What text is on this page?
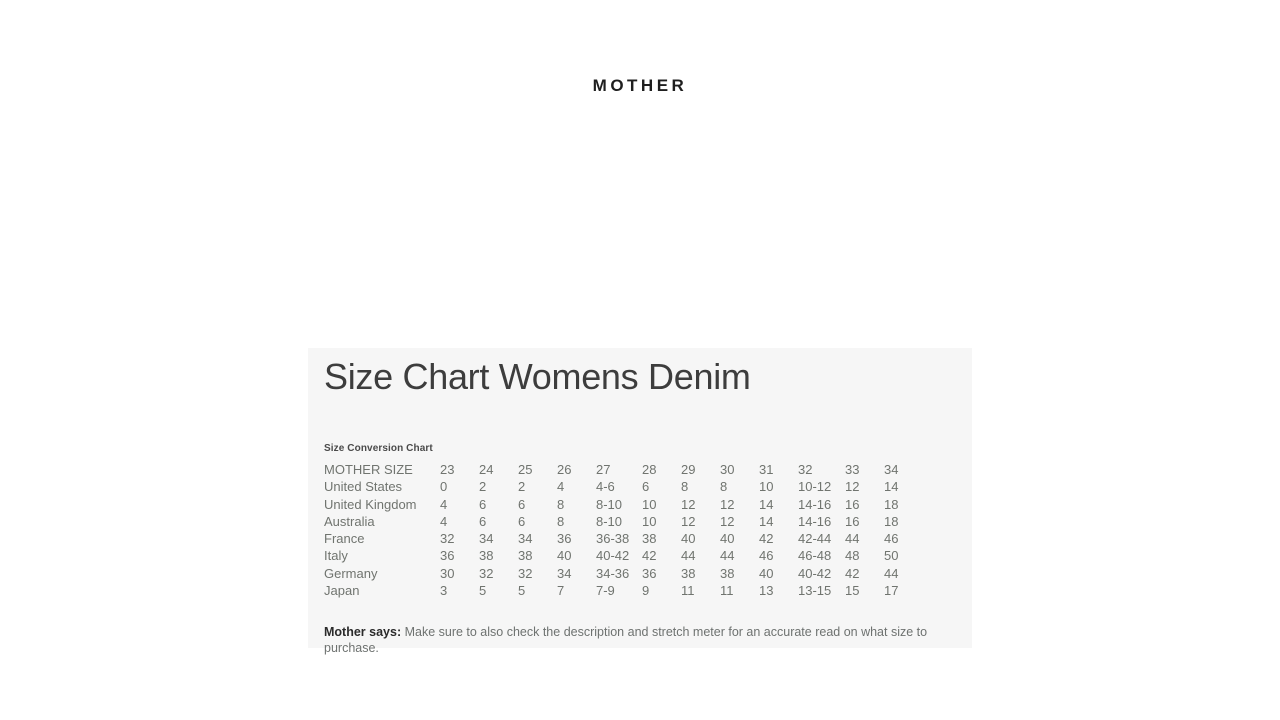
MOTHER
Size Chart Womens Denim
Size Conversion Chart
MOTHER SIZE	23	24	25	26	27	28	29	30	31	32	33	34
United States	0	2	2	4	4-6	6	8	8	10	10-12	12	14
United Kingdom	4	6	6	8	8-10	10	12	12	14	14-16	16	18
Australia	4	6	6	8	8-10	10	12	12	14	14-16	16	18
France	32	34	34	36	36-38	38	40	40	42	42-44	44	46
Italy	36	38	38	40	40-42	42	44	44	46	46-48	48	50
Germany	30	32	32	34	34-36	36	38	38	40	40-42	42	44
Japan	3	5	5	7	7-9	9	11	11	13	13-15	15	17
Mother says: Make sure to also check the description and stretch meter for an accurate read on what size to purchase.
